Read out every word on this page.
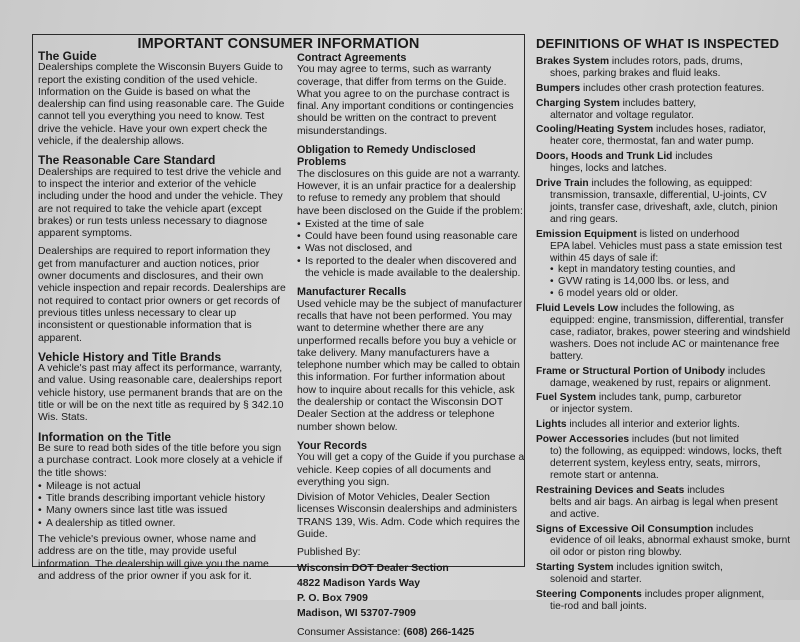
IMPORTANT CONSUMER INFORMATION
The Guide

Dealerships complete the Wisconsin Buyers Guide to report the existing condition of the used vehicle. Information on the Guide is based on what the dealership can find using reasonable care. The Guide cannot tell you everything you need to know. Test drive the vehicle. Have your own expert check the vehicle, if the dealership allows.

The Reasonable Care Standard

Dealerships are required to test drive the vehicle and to inspect the interior and exterior of the vehicle including under the hood and under the vehicle. They are not required to take the vehicle apart (except brakes) or run tests unless necessary to diagnose apparent symptoms.

Dealerships are required to report information they get from manufacturer and auction notices, prior owner documents and disclosures, and their own vehicle inspection and repair records. Dealerships are not required to contact prior owners or get records of previous titles unless necessary to clear up inconsistent or questionable information that is apparent.

Vehicle History and Title Brands

A vehicle's past may affect its performance, warranty, and value. Using reasonable care, dealerships report vehicle history, use permanent brands that are on the title or will be on the next title as required by § 342.10 Wis. Stats.

Information on the Title

Be sure to read both sides of the title before you sign a purchase contract. Look more closely at a vehicle if the title shows:

• Mileage is not actual
• Title brands describing important vehicle history
• Many owners since last title was issued
• A dealership as titled owner.

The vehicle's previous owner, whose name and address are on the title, may provide useful information. The dealership will give you the name and address of the prior owner if you ask for it.

Contract Agreements

You may agree to terms, such as warranty coverage, that differ from terms on the Guide. What you agree to on the purchase contract is final. Any important conditions or contingencies should be written on the contract to prevent misunderstandings.

Obligation to Remedy Undisclosed Problems

The disclosures on this guide are not a warranty. However, it is an unfair practice for a dealership to refuse to remedy any problem that should have been disclosed on the Guide if the problem:

• Existed at the time of sale
• Could have been found using reasonable care
• Was not disclosed, and
• Is reported to the dealer when discovered and the vehicle is made available to the dealership.
Manufacturer Recalls

Used vehicle may be the subject of manufacturer recalls that have not been performed. You may want to determine whether there are any unperformed recalls before you buy a vehicle or take delivery. Many manufacturers have a telephone number which may be called to obtain this information. For further information about how to inquire about recalls for this vehicle, ask the dealership or contact the Wisconsin DOT Dealer Section at the address or telephone number shown below.

Your Records

You will get a copy of the Guide if you purchase a vehicle. Keep copies of all documents and everything you sign.

Division of Motor Vehicles, Dealer Section licenses Wisconsin dealerships and administers TRANS 139, Wis. Adm. Code which requires the Guide.

Published By:

Wisconsin DOT Dealer Section

4822 Madison Yards Way

P. O. Box 7909

Madison, WI 53707-7909

Consumer Assistance: (608) 266-1425

DEFINITIONS OF WHAT IS INSPECTED
Brakes System includes rotors, pads, drums,
shoes, parking brakes and fluid leaks.
Bumpers includes other crash protection features.
Charging System includes battery,
alternator and voltage regulator.
Cooling/Heating System includes hoses, radiator,
heater core, thermostat, fan and water pump.
Doors, Hoods and Trunk Lid includes
hinges, locks and latches.
Drive Train includes the following, as equipped:
transmission, transaxle, differential, U-joints, CV joints, transfer case, driveshaft, axle, clutch, pinion and ring gears.
Emission Equipment is listed on underhood
EPA label. Vehicles must pass a state emission test within 45 days of sale if:
• kept in mandatory testing counties, and
• GVW rating is 14,000 lbs. or less, and
• 6 model years old or older.
Fluid Levels Low includes the following, as
equipped: engine, transmission, differential, transfer case, radiator, brakes, power steering and windshield washers. Does not include AC or maintenance free battery.
Frame or Structural Portion of Unibody includes
damage, weakened by rust, repairs or alignment.
Fuel System includes tank, pump, carburetor
or injector system.
Lights includes all interior and exterior lights.
Power Accessories includes (but not limited
to) the following, as equipped: windows, locks, theft deterrent system, keyless entry, seats, mirrors, remote start or antenna.
Restraining Devices and Seats includes
belts and air bags. An airbag is legal when present and active.
Signs of Excessive Oil Consumption includes
evidence of oil leaks, abnormal exhaust smoke, burnt oil odor or piston ring blowby.
Starting System includes ignition switch,
solenoid and starter.
Steering Components includes proper alignment,
tie-rod and ball joints.
